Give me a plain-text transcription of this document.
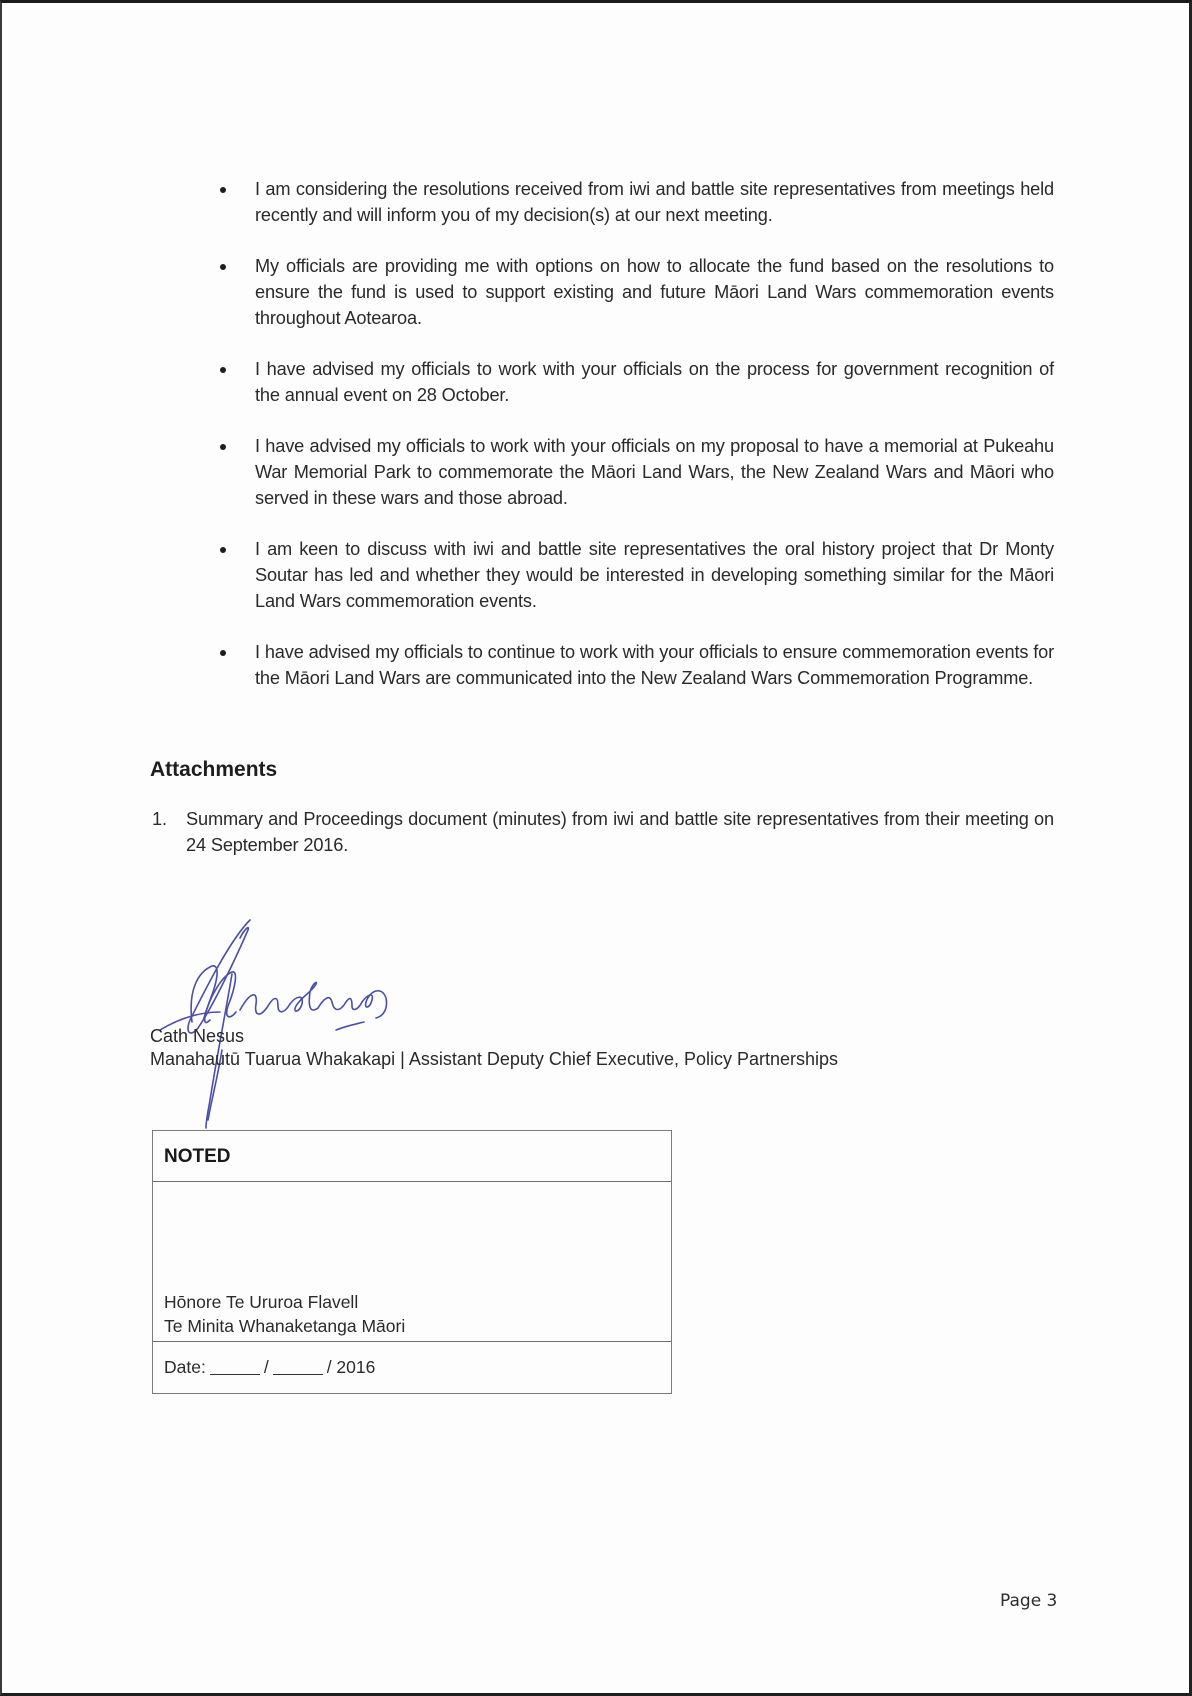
I am considering the resolutions received from iwi and battle site representatives from meetings held recently and will inform you of my decision(s) at our next meeting.
My officials are providing me with options on how to allocate the fund based on the resolutions to ensure the fund is used to support existing and future Māori Land Wars commemoration events throughout Aotearoa.
I have advised my officials to work with your officials on the process for government recognition of the annual event on 28 October.
I have advised my officials to work with your officials on my proposal to have a memorial at Pukeahu War Memorial Park to commemorate the Māori Land Wars, the New Zealand Wars and Māori who served in these wars and those abroad.
I am keen to discuss with iwi and battle site representatives the oral history project that Dr Monty Soutar has led and whether they would be interested in developing something similar for the Māori Land Wars commemoration events.
I have advised my officials to continue to work with your officials to ensure commemoration events for the Māori Land Wars are communicated into the New Zealand Wars Commemoration Programme.
Attachments
1. Summary and Proceedings document (minutes) from iwi and battle site representatives from their meeting on 24 September 2016.
Cath Nesus
Manahautū Tuarua Whakakapi | Assistant Deputy Chief Executive, Policy Partnerships
NOTED
Hōnore Te Ururoa Flavell
Te Minita Whanaketanga Māori
Date:	/	/ 2016
Page 3
